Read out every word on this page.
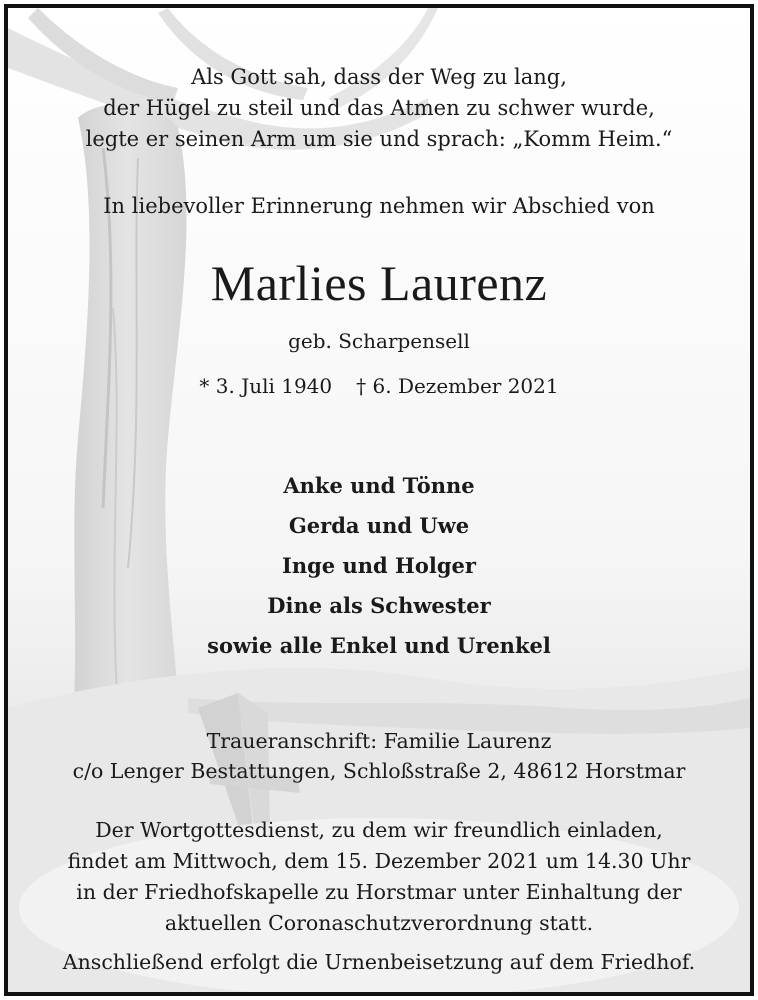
Als Gott sah, dass der Weg zu lang,
der Hügel zu steil und das Atmen zu schwer wurde,
legte er seinen Arm um sie und sprach: „Komm Heim.“
In liebevoller Erinnerung nehmen wir Abschied von
Marlies Laurenz
geb. Scharpensell
* 3. Juli 1940 † 6. Dezember 2021
Anke und Tönne
Gerda und Uwe
Inge und Holger
Dine als Schwester
sowie alle Enkel und Urenkel
Traueranschrift: Familie Laurenz
c/o Lenger Bestattungen, Schloßstraße 2, 48612 Horstmar
Der Wortgottesdienst, zu dem wir freundlich einladen,
findet am Mittwoch, dem 15. Dezember 2021 um 14.30 Uhr
in der Friedhofskapelle zu Horstmar unter Einhaltung der
aktuellen Coronaschutzverordnung statt.
Anschließend erfolgt die Urnenbeisetzung auf dem Friedhof.
